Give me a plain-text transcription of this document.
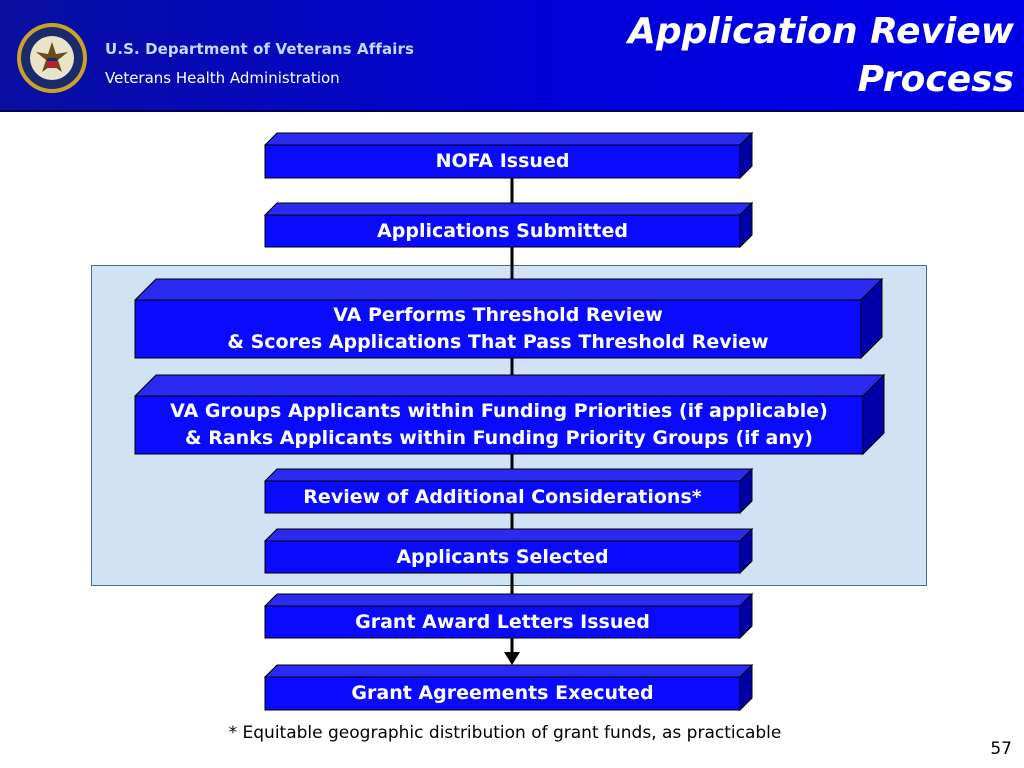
U.S. Department of Veterans Affairs
Veterans Health Administration
Application Review
Process
NOFA Issued
Applications Submitted
VA Performs Threshold Review
& Scores Applications That Pass Threshold Review
VA Groups Applicants within Funding Priorities (if applicable)
& Ranks Applicants within Funding Priority Groups (if any)
Review of Additional Considerations*
Applicants Selected
Grant Award Letters Issued
Grant Agreements Executed
* Equitable geographic distribution of grant funds, as practicable
57
